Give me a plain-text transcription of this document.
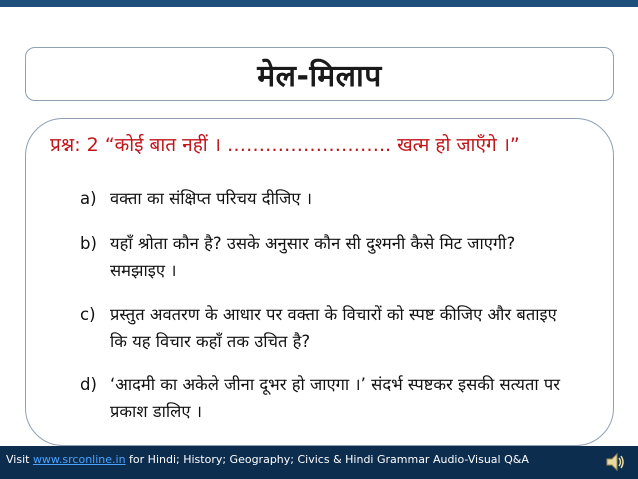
मेल-मिलाप
प्रश्न: 2 “कोई बात नहीं । …………………….. खत्म हो जाएँगे ।”
a) वक्ता का संक्षिप्त परिचय दीजिए ।
b) यहाँ श्रोता कौन है? उसके अनुसार कौन सी दुश्मनी कैसे मिट जाएगी? समझाइए ।
c) प्रस्तुत अवतरण के आधार पर वक्ता के विचारों को स्पष्ट कीजिए और बताइए कि यह विचार कहाँ तक उचित है?
d) ‘आदमी का अकेले जीना दूभर हो जाएगा ।’ संदर्भ स्पष्टकर इसकी सत्यता पर प्रकाश डालिए ।
Visit www.srconline.in for Hindi; History; Geography; Civics & Hindi Grammar Audio-Visual Q&A
